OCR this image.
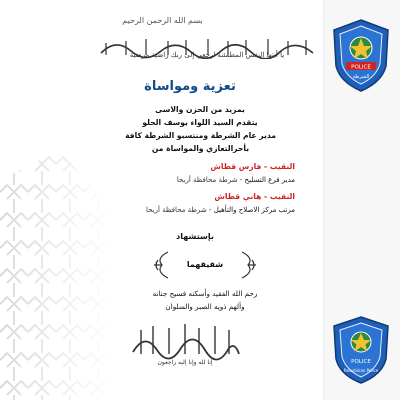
بسم الله الرحمن الرحيم
يا أيتها النفس المطمئنة ارجعي إلى ربك راضية مرضية
تعزية ومواساة
بمزيد من الحزن والاسى
يتقدم السيد اللواء يوسف الحلو
مدير عام الشرطة ومنتسبو الشرطة كافة
بأحرالتعازي والمواساة من
النقيب - فارس قطاش
مدير فرع التسليح - شرطة محافظة أريحا
النقيب - هاني قطاش
مرتب مركز الاصلاح والتأهيل - شرطة محافظة أريحا
بإستشهاد
شقيقهما
رحم الله الفقيد وأسكنه فسيح جنانه
وألهم ذويه الصبر والسلوان
إنا لله وإنا إليه راجعون
POLICE
الشرطة
POLICE
Palestinian Police
